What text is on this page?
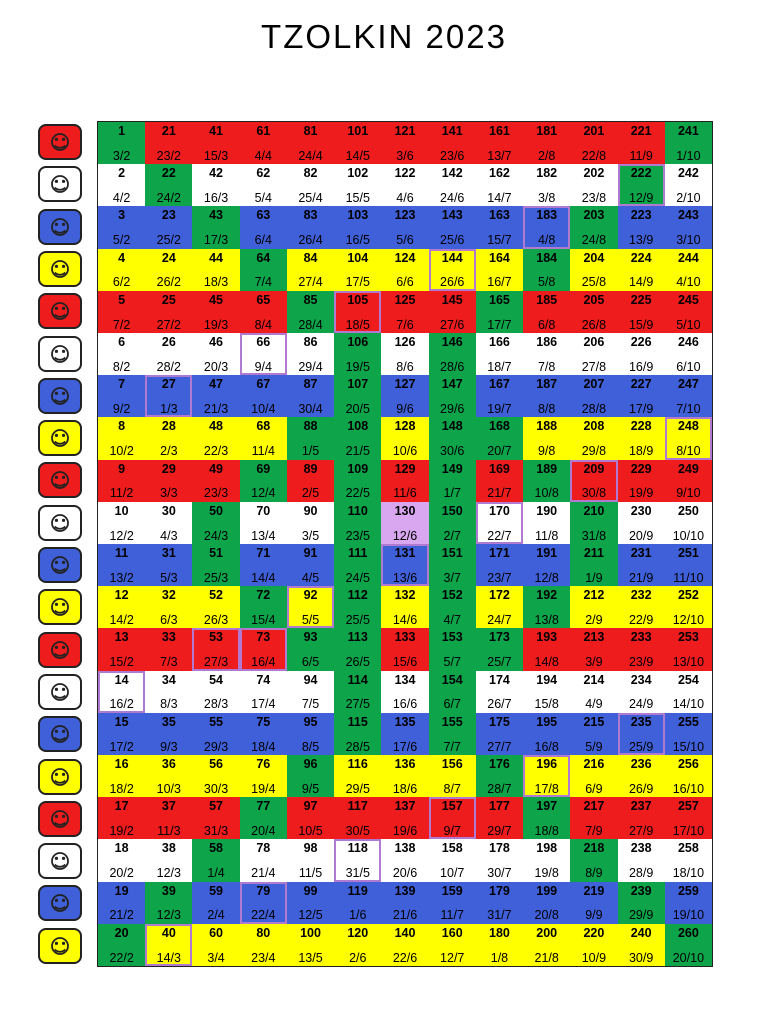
TZOLKIN 2023
1
3/2
21
23/2
41
15/3
61
4/4
81
24/4
101
14/5
121
3/6
141
23/6
161
13/7
181
2/8
201
22/8
221
11/9
241
1/10
2
4/2
22
24/2
42
16/3
62
5/4
82
25/4
102
15/5
122
4/6
142
24/6
162
14/7
182
3/8
202
23/8
222
12/9
242
2/10
3
5/2
23
25/2
43
17/3
63
6/4
83
26/4
103
16/5
123
5/6
143
25/6
163
15/7
183
4/8
203
24/8
223
13/9
243
3/10
4
6/2
24
26/2
44
18/3
64
7/4
84
27/4
104
17/5
124
6/6
144
26/6
164
16/7
184
5/8
204
25/8
224
14/9
244
4/10
5
7/2
25
27/2
45
19/3
65
8/4
85
28/4
105
18/5
125
7/6
145
27/6
165
17/7
185
6/8
205
26/8
225
15/9
245
5/10
6
8/2
26
28/2
46
20/3
66
9/4
86
29/4
106
19/5
126
8/6
146
28/6
166
18/7
186
7/8
206
27/8
226
16/9
246
6/10
7
9/2
27
1/3
47
21/3
67
10/4
87
30/4
107
20/5
127
9/6
147
29/6
167
19/7
187
8/8
207
28/8
227
17/9
247
7/10
8
10/2
28
2/3
48
22/3
68
11/4
88
1/5
108
21/5
128
10/6
148
30/6
168
20/7
188
9/8
208
29/8
228
18/9
248
8/10
9
11/2
29
3/3
49
23/3
69
12/4
89
2/5
109
22/5
129
11/6
149
1/7
169
21/7
189
10/8
209
30/8
229
19/9
249
9/10
10
12/2
30
4/3
50
24/3
70
13/4
90
3/5
110
23/5
130
12/6
150
2/7
170
22/7
190
11/8
210
31/8
230
20/9
250
10/10
11
13/2
31
5/3
51
25/3
71
14/4
91
4/5
111
24/5
131
13/6
151
3/7
171
23/7
191
12/8
211
1/9
231
21/9
251
11/10
12
14/2
32
6/3
52
26/3
72
15/4
92
5/5
112
25/5
132
14/6
152
4/7
172
24/7
192
13/8
212
2/9
232
22/9
252
12/10
13
15/2
33
7/3
53
27/3
73
16/4
93
6/5
113
26/5
133
15/6
153
5/7
173
25/7
193
14/8
213
3/9
233
23/9
253
13/10
14
16/2
34
8/3
54
28/3
74
17/4
94
7/5
114
27/5
134
16/6
154
6/7
174
26/7
194
15/8
214
4/9
234
24/9
254
14/10
15
17/2
35
9/3
55
29/3
75
18/4
95
8/5
115
28/5
135
17/6
155
7/7
175
27/7
195
16/8
215
5/9
235
25/9
255
15/10
16
18/2
36
10/3
56
30/3
76
19/4
96
9/5
116
29/5
136
18/6
156
8/7
176
28/7
196
17/8
216
6/9
236
26/9
256
16/10
17
19/2
37
11/3
57
31/3
77
20/4
97
10/5
117
30/5
137
19/6
157
9/7
177
29/7
197
18/8
217
7/9
237
27/9
257
17/10
18
20/2
38
12/3
58
1/4
78
21/4
98
11/5
118
31/5
138
20/6
158
10/7
178
30/7
198
19/8
218
8/9
238
28/9
258
18/10
19
21/2
39
12/3
59
2/4
79
22/4
99
12/5
119
1/6
139
21/6
159
11/7
179
31/7
199
20/8
219
9/9
239
29/9
259
19/10
20
22/2
40
14/3
60
3/4
80
23/4
100
13/5
120
2/6
140
22/6
160
12/7
180
1/8
200
21/8
220
10/9
240
30/9
260
20/10
